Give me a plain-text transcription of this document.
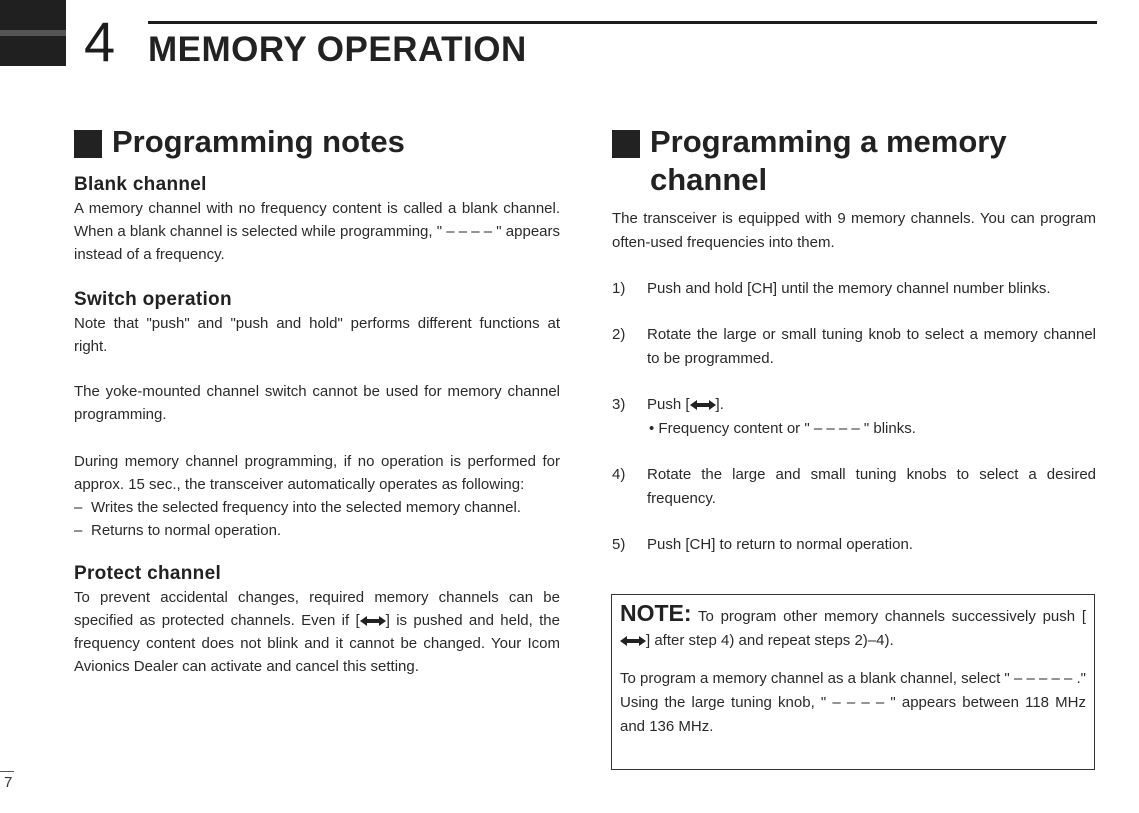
4 MEMORY OPERATION
Programming notes
Blank channel

A memory channel with no frequency content is called a blank channel. When a blank channel is selected while programming, " – – – – " appears instead of a frequency.

Switch operation

Note that "push" and "push and hold" performs different functions at right.

The yoke-mounted channel switch cannot be used for memory channel programming.

During memory channel programming, if no operation is performed for approx. 15 sec., the transceiver automatically operates as following:

– Writes the selected frequency into the selected memory channel.
– Returns to normal operation.
Protect channel

To prevent accidental changes, required memory channels can be specified as protected channels. Even if [ ] is pushed and held, the frequency content does not blink and it cannot be changed. Your Icom Avionics Dealer can activate and cancel this setting.

Programming a memory
channel

The transceiver is equipped with 9 memory channels. You can program often-used frequencies into them.

1) Push and hold [CH] until the memory channel number blinks.
2) Rotate the large or small tuning knob to select a memory channel to be programmed.
3) Push [ ].
• Frequency content or " – – – – " blinks.
4) Rotate the large and small tuning knobs to select a desired frequency.
5) Push [CH] to return to normal operation.

NOTE: To program other memory channels successively push [] after step 4) and repeat steps 2)–4).

To program a memory channel as a blank channel, select " – – – – – ." Using the large tuning knob, " – – – – " appears between 118 MHz and 136 MHz.

7
